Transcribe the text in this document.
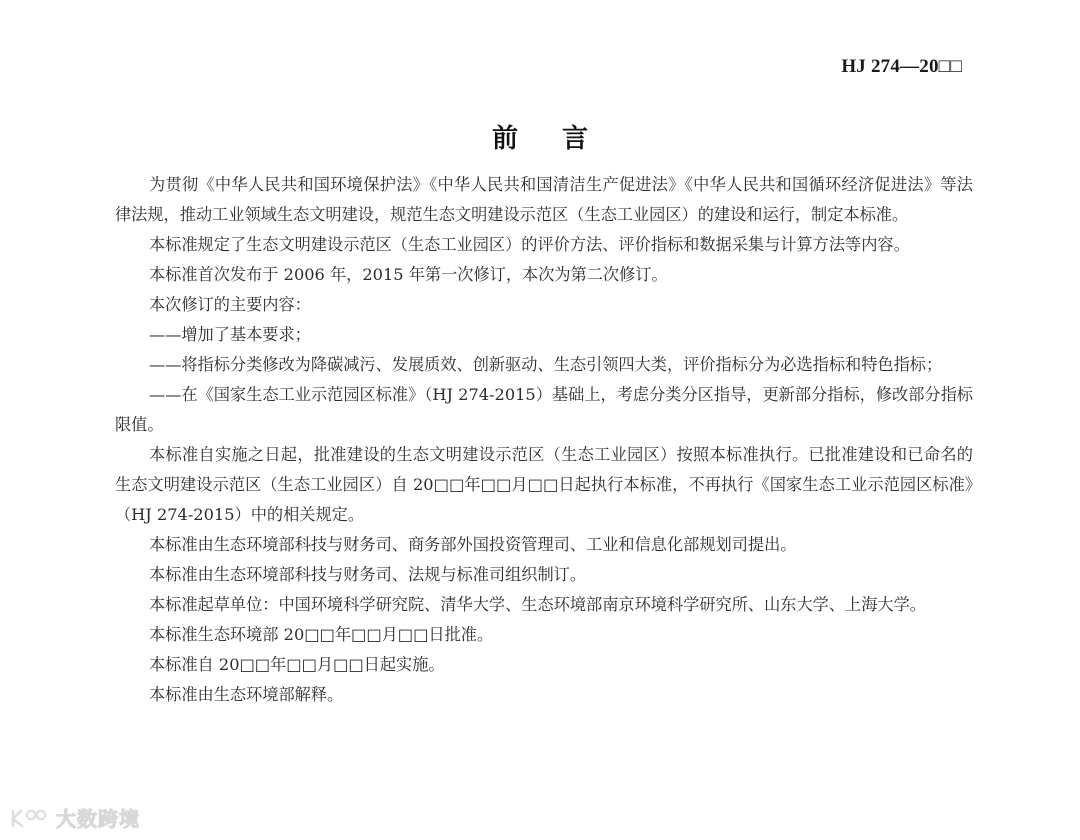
HJ 274—20□□
前言

为贯彻《中华人民共和国环境保护法》《中华人民共和国清洁生产促进法》《中华人民共和国循环经济促进法》等法律法规，推动工业领域生态文明建设，规范生态文明建设示范区（生态工业园区）的建设和运行，制定本标准。

本标准规定了生态文明建设示范区（生态工业园区）的评价方法、评价指标和数据采集与计算方法等内容。

本标准首次发布于 2006 年，2015 年第一次修订，本次为第二次修订。

本次修订的主要内容：

——增加了基本要求；

——将指标分类修改为降碳减污、发展质效、创新驱动、生态引领四大类，评价指标分为必选指标和特色指标；

——在《国家生态工业示范园区标准》（HJ 274-2015）基础上，考虑分类分区指导，更新部分指标，修改部分指标限值。

本标准自实施之日起，批准建设的生态文明建设示范区（生态工业园区）按照本标准执行。已批准建设和已命名的生态文明建设示范区（生态工业园区）自 20□□年□□月□□日起执行本标准，不再执行《国家生态工业示范园区标准》（HJ 274-2015）中的相关规定。

本标准由生态环境部科技与财务司、商务部外国投资管理司、工业和信息化部规划司提出。

本标准由生态环境部科技与财务司、法规与标准司组织制订。

本标准起草单位：中国环境科学研究院、清华大学、生态环境部南京环境科学研究所、山东大学、上海大学。

本标准生态环境部 20□□年□□月□□日批准。

本标准自 20□□年□□月□□日起实施。

本标准由生态环境部解释。

大数跨境
